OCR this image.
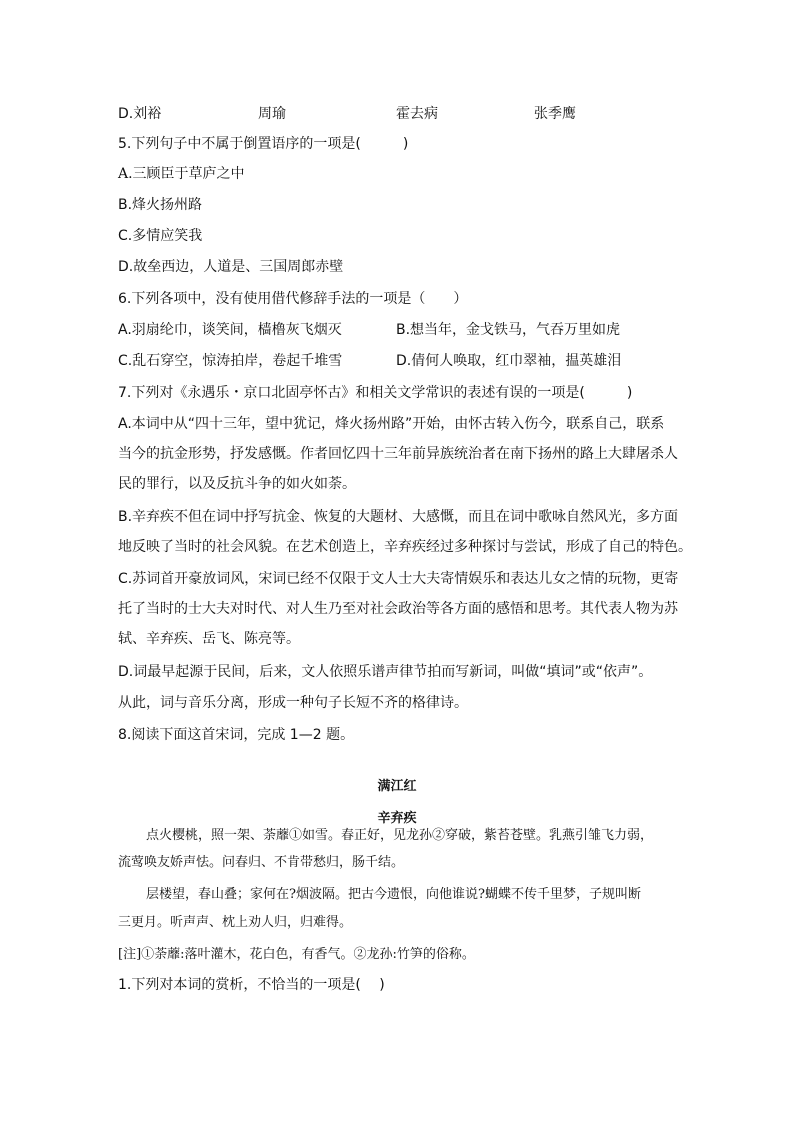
D.刘裕	周瑜	霍去病	张季鹰

5.下列句子中不属于倒置语序的一项是(　　　)

A.三顾臣于草庐之中

B.烽火扬州路

C.多情应笑我

D.故垒西边，人道是、三国周郎赤壁

6.下列各项中，没有使用借代修辞手法的一项是（　　）

A.羽扇纶巾，谈笑间，樯橹灰飞烟灭	B.想当年，金戈铁马，气吞万里如虎

C.乱石穿空，惊涛拍岸，卷起千堆雪	D.倩何人唤取，红巾翠袖，揾英雄泪

7.下列对《永遇乐・京口北固亭怀古》和相关文学常识的表述有误的一项是(　　　)

A.本词中从“四十三年，望中犹记，烽火扬州路”开始，由怀古转入伤今，联系自己，联系

当今的抗金形势，抒发感慨。作者回忆四十三年前异族统治者在南下扬州的路上大肆屠杀人

民的罪行，以及反抗斗争的如火如荼。

B.辛弃疾不但在词中抒写抗金、恢复的大题材、大感慨，而且在词中歌咏自然风光，多方面

地反映了当时的社会风貌。在艺术创造上，辛弃疾经过多种探讨与尝试，形成了自己的特色。

C.苏词首开豪放词风，宋词已经不仅限于文人士大夫寄情娱乐和表达儿女之情的玩物，更寄

托了当时的士大夫对时代、对人生乃至对社会政治等各方面的感悟和思考。其代表人物为苏

轼、辛弃疾、岳飞、陈亮等。

D.词最早起源于民间，后来，文人依照乐谱声律节拍而写新词，叫做“填词”或“依声”。

从此，词与音乐分离，形成一种句子长短不齐的格律诗。

8.阅读下面这首宋词，完成 1—2 题。

满江红

辛弃疾

点火樱桃，照一架、荼蘼①如雪。春正好，见龙孙②穿破，紫苔苍壁。乳燕引雏飞力弱，

流莺唤友娇声怯。问春归、不肯带愁归，肠千结。

层楼望，春山叠；家何在?烟波隔。把古今遗恨，向他谁说?蝴蝶不传千里梦，子规叫断

三更月。听声声、枕上劝人归，归难得。

[注]①荼蘼:落叶灌木，花白色，有香气。②龙孙:竹笋的俗称。

1.下列对本词的赏析，不恰当的一项是(　 )
